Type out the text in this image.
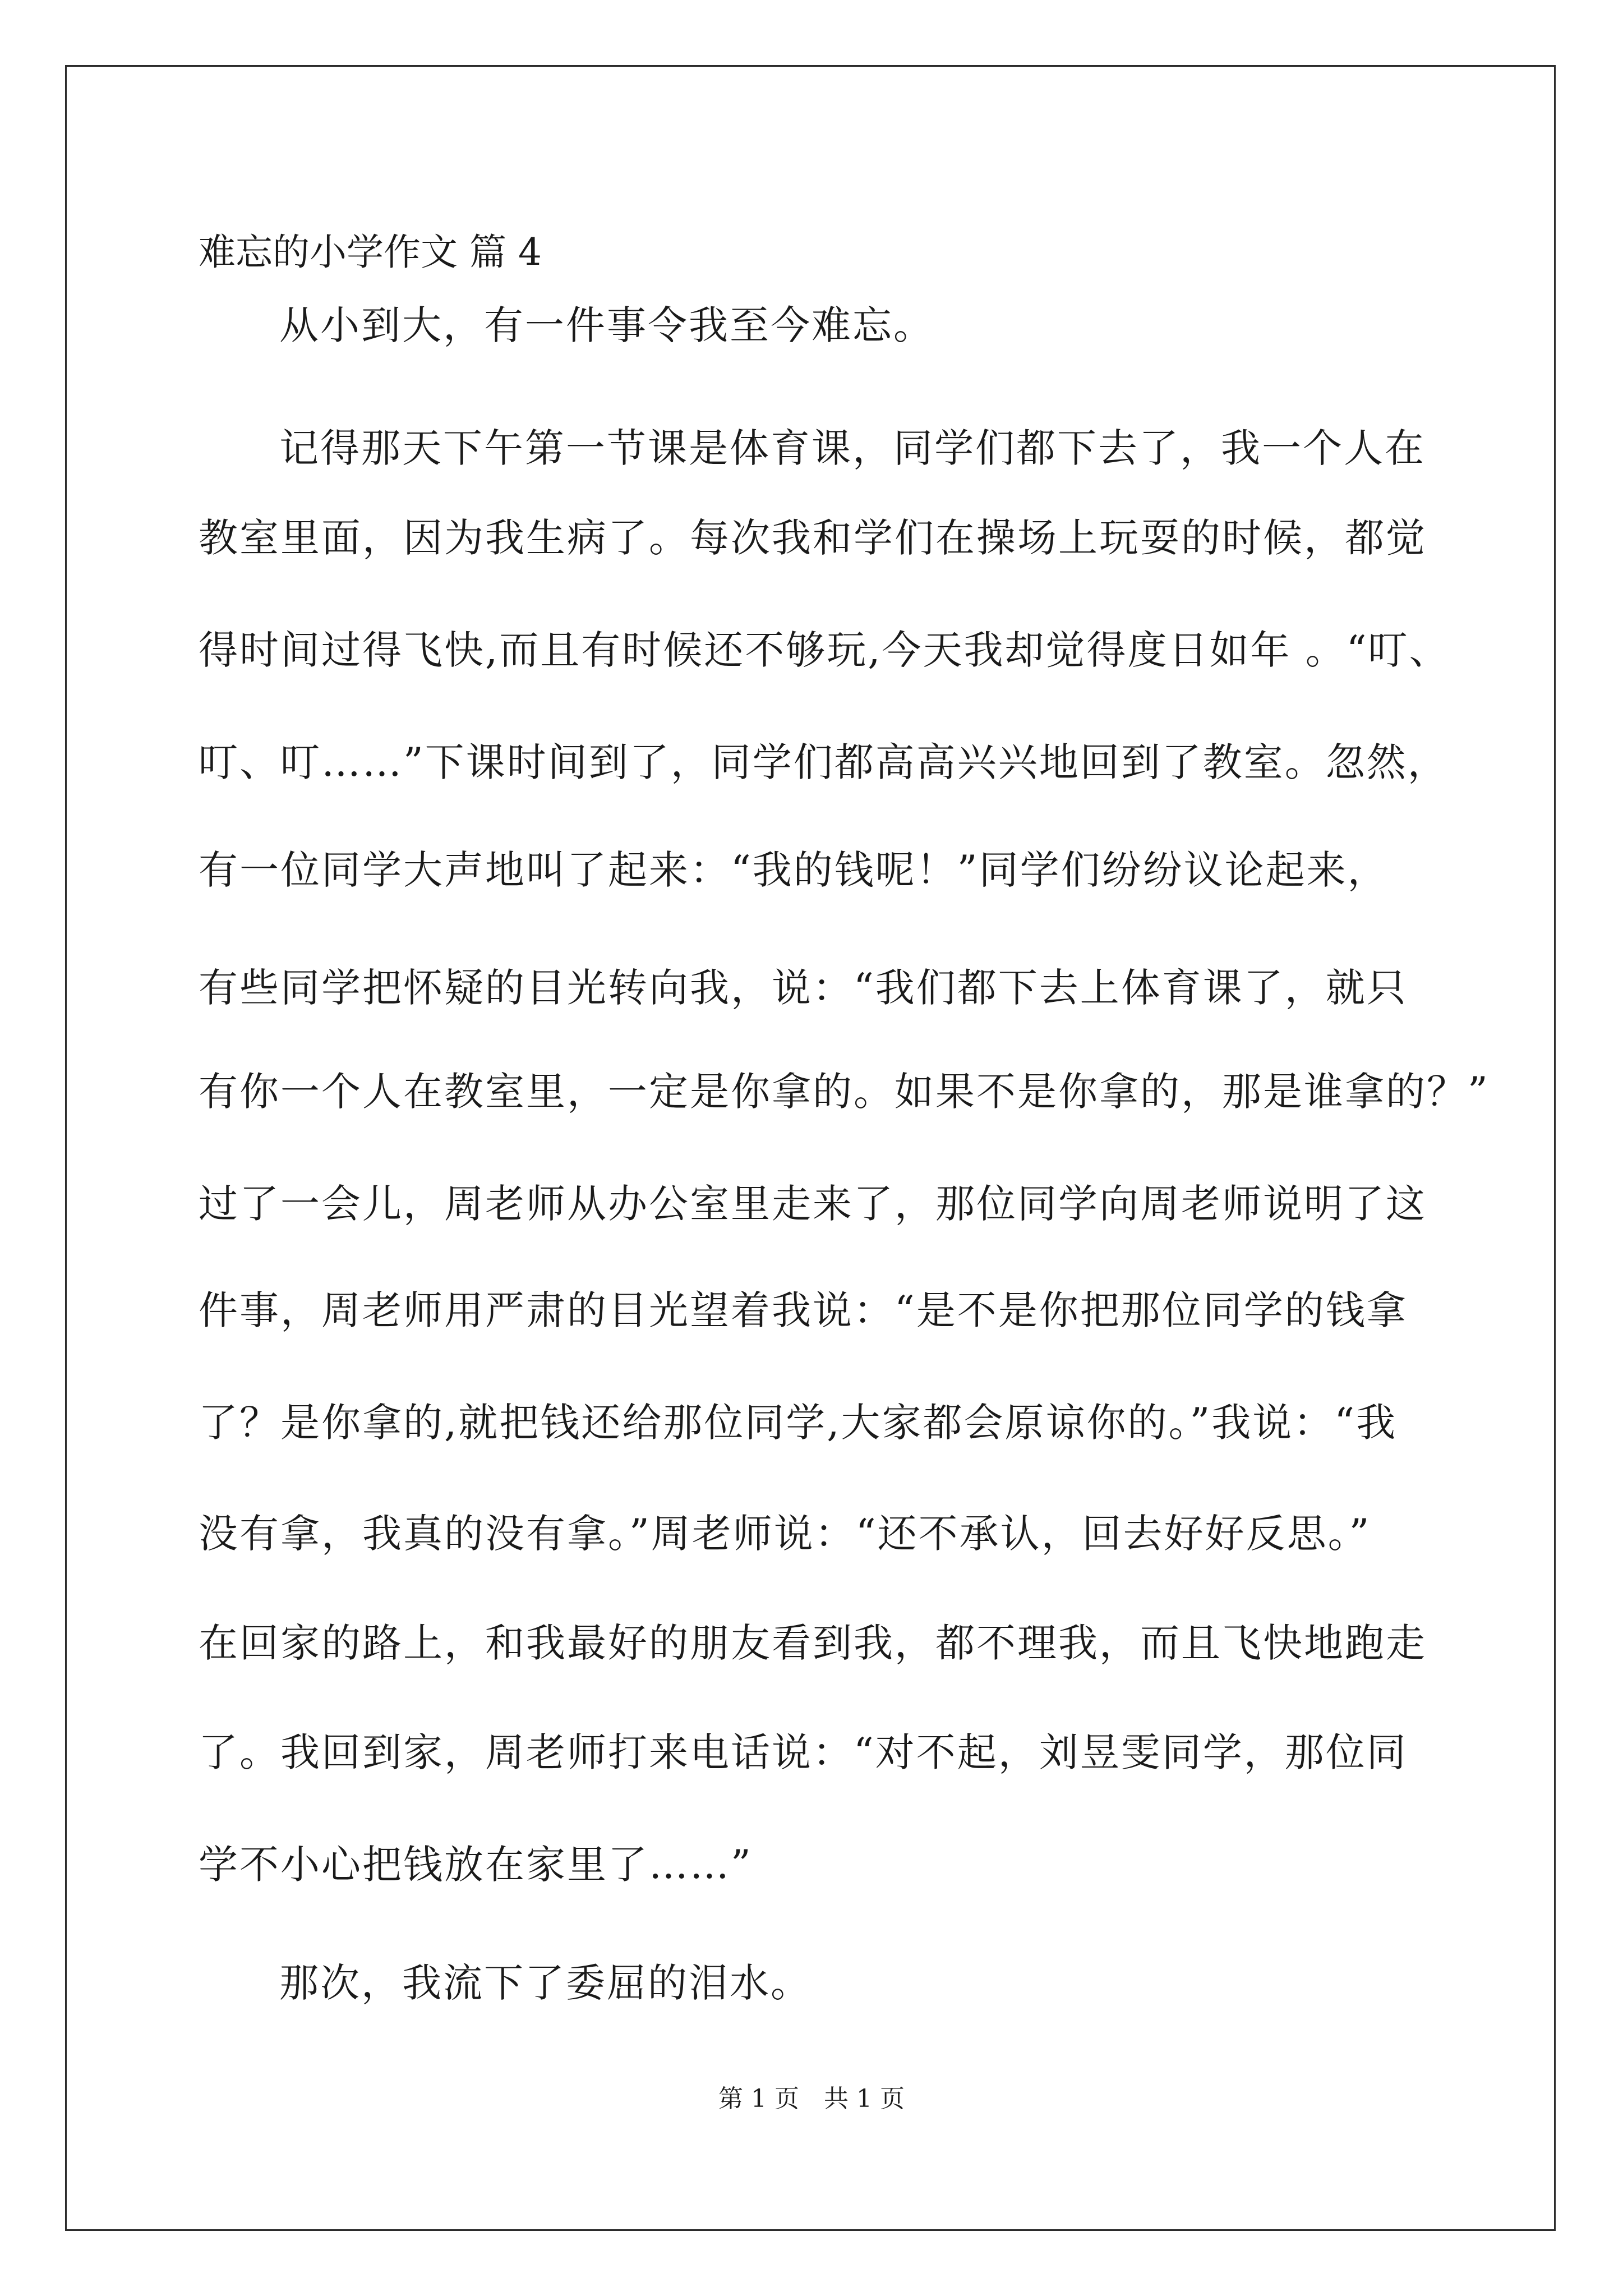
难忘的小学作文 篇 4
从小到大，有一件事令我至今难忘。
记得那天下午第一节课是体育课，同学们都下去了，我一个人在
教室里面，因为我生病了。每次我和学们在操场上玩耍的时候，都觉
得时间过得飞快,而且有时候还不够玩,今天我却觉得度日如年 。“叮、
叮、叮……”下课时间到了，同学们都高高兴兴地回到了教室。忽然，
有一位同学大声地叫了起来：“我的钱呢！”同学们纷纷议论起来，
有些同学把怀疑的目光转向我，说：“我们都下去上体育课了，就只
有你一个人在教室里，一定是你拿的。如果不是你拿的，那是谁拿的？”
过了一会儿，周老师从办公室里走来了，那位同学向周老师说明了这
件事，周老师用严肃的目光望着我说：“是不是你把那位同学的钱拿
了？是你拿的,就把钱还给那位同学,大家都会原谅你的。”我说：“我
没有拿，我真的没有拿。”周老师说：“还不承认，回去好好反思。”
在回家的路上，和我最好的朋友看到我，都不理我，而且飞快地跑走
了。我回到家，周老师打来电话说：“对不起，刘昱雯同学，那位同
学不小心把钱放在家里了……”
那次，我流下了委屈的泪水。
第 1 页　共 1 页
